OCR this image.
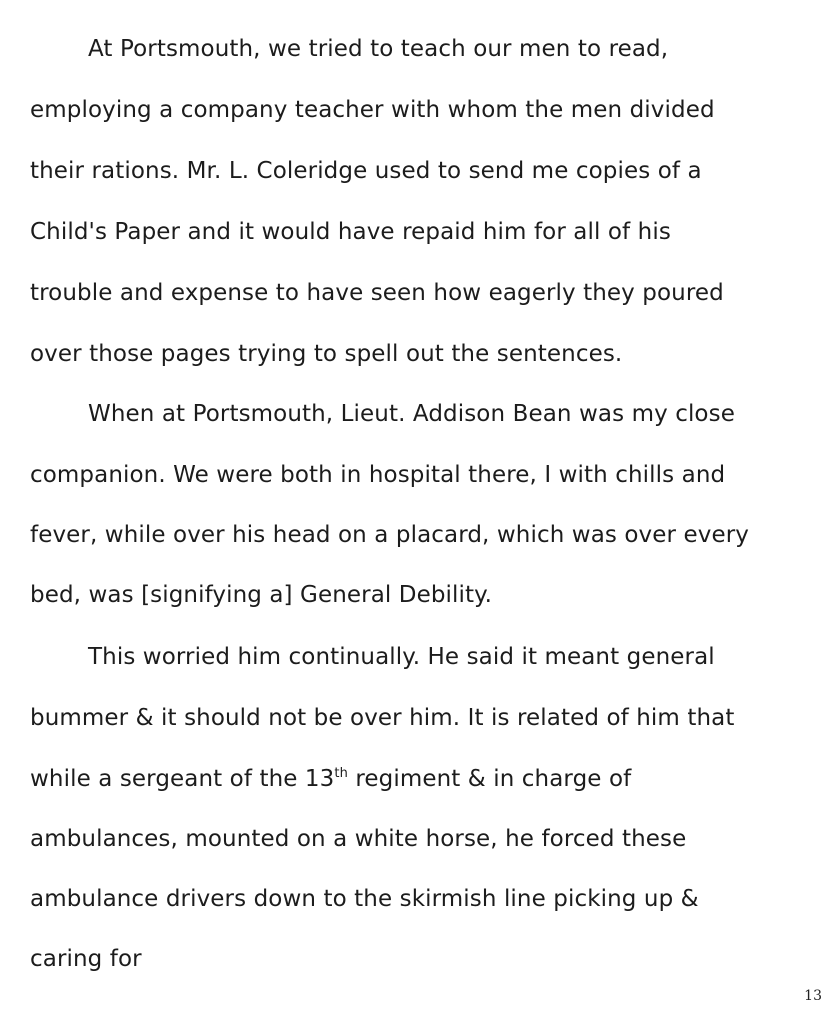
At Portsmouth, we tried to teach our men to read,
employing a company teacher with whom the men divided
their rations. Mr. L. Coleridge used to send me copies of a
Child's Paper and it would have repaid him for all of his
trouble and expense to have seen how eagerly they poured
over those pages trying to spell out the sentences.
When at Portsmouth, Lieut. Addison Bean was my close
companion. We were both in hospital there, I with chills and
fever, while over his head on a placard, which was over every
bed, was [signifying a] General Debility.
This worried him continually. He said it meant general
bummer & it should not be over him. It is related of him that
while a sergeant of the 13th regiment & in charge of
ambulances, mounted on a white horse, he forced these
ambulance drivers down to the skirmish line picking up &
caring for
13
